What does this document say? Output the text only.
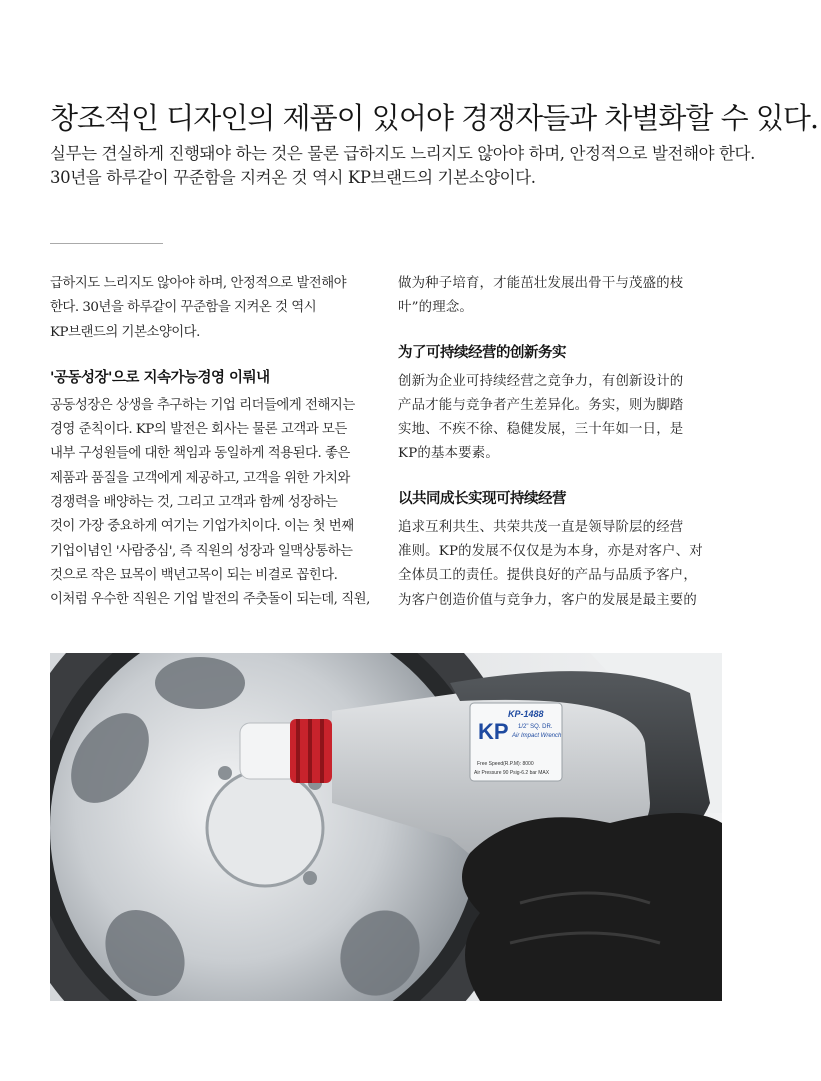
창조적인 디자인의 제품이 있어야 경쟁자들과 차별화할 수 있다.
실무는 견실하게 진행돼야 하는 것은 물론 급하지도 느리지도 않아야 하며, 안정적으로 발전해야 한다.
30년을 하루같이 꾸준함을 지켜온 것 역시 KP브랜드의 기본소양이다.
급하지도 느리지도 않아야 하며, 안정적으로 발전해야
한다. 30년을 하루같이 꾸준함을 지켜온 것 역시
KP브랜드의 기본소양이다.
'공동성장'으로 지속가능경영 이뤄내
공동성장은 상생을 추구하는 기업 리더들에게 전해지는
경영 준칙이다. KP의 발전은 회사는 물론 고객과 모든
내부 구성원들에 대한 책임과 동일하게 적용된다. 좋은
제품과 품질을 고객에게 제공하고, 고객을 위한 가치와
경쟁력을 배양하는 것, 그리고 고객과 함께 성장하는
것이 가장 중요하게 여기는 기업가치이다. 이는 첫 번째
기업이념인 '사람중심', 즉 직원의 성장과 일맥상통하는
것으로 작은 묘목이 백년고목이 되는 비결로 꼽힌다.
이처럼 우수한 직원은 기업 발전의 주춧돌이 되는데, 직원,
做为种子培育，才能茁壮发展出骨干与茂盛的枝
叶”的理念。
为了可持续经营的创新务实
创新为企业可持续经营之竞争力，有创新设计的
产品才能与竞争者产生差异化。务实，则为脚踏
实地、不疾不徐、稳健发展，三十年如一日，是
KP的基本要素。
以共同成长实现可持续经营
追求互利共生、共荣共茂一直是领导阶层的经营
准则。KP的发展不仅仅是为本身，亦是对客户、对
全体员工的责任。提供良好的产品与品质予客户，
为客户创造价值与竞争力，客户的发展是最主要的
KP
KP-1488
1/2" SQ. DR.
Air Impact Wrench
Free Speed(R.P.M): 8000
Air Pressure 90 Psig-6.2 bar MAX
